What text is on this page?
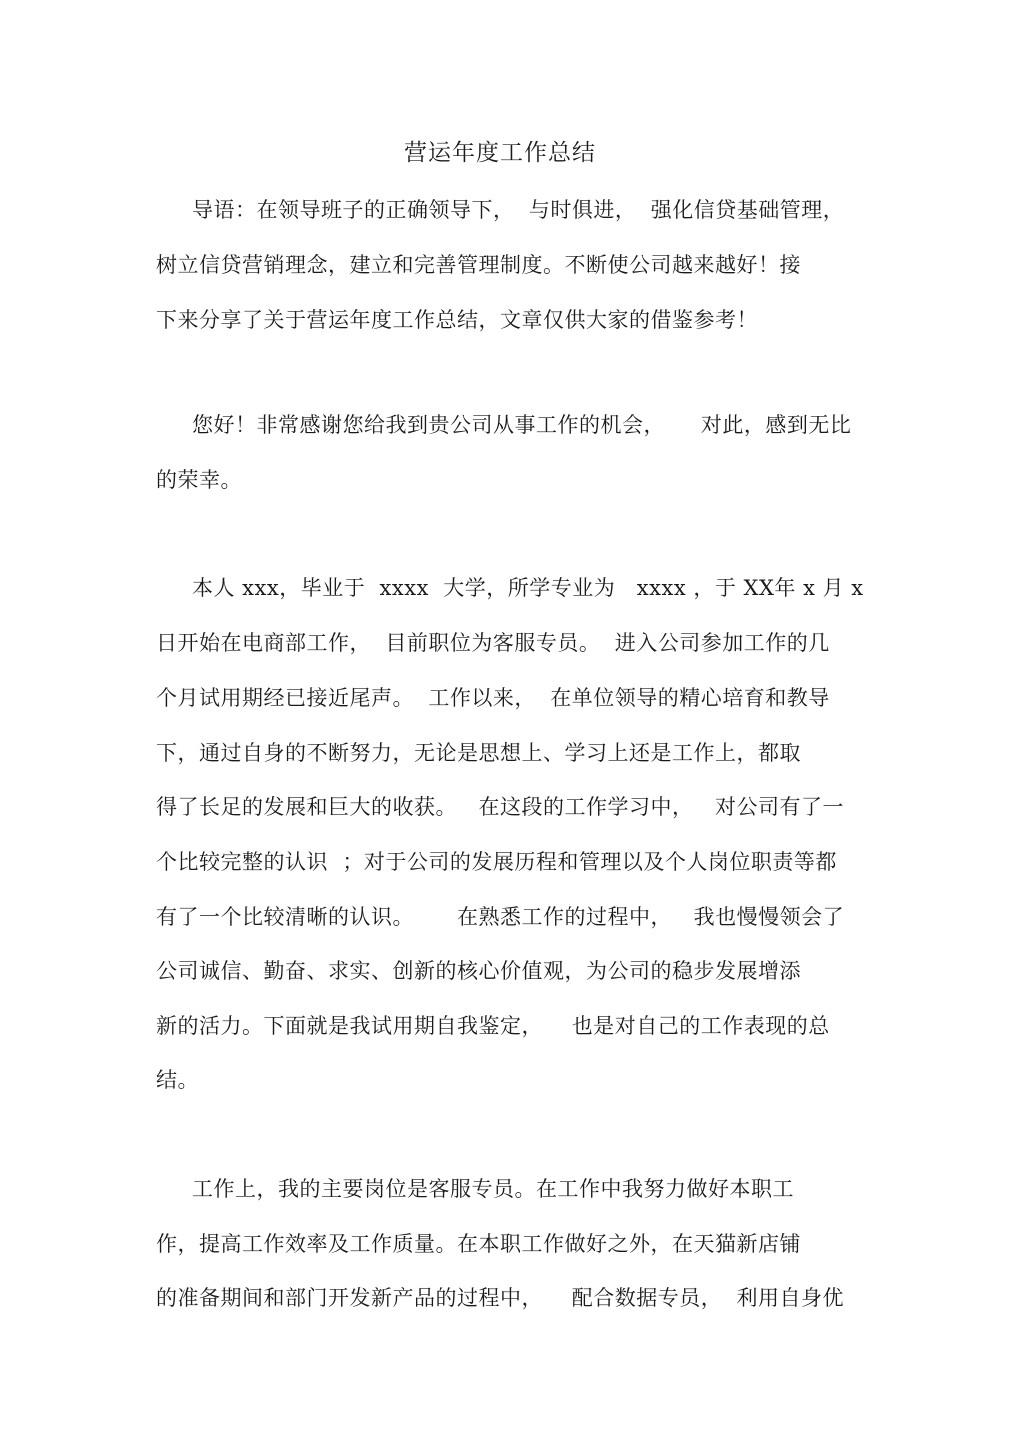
营运年度工作总结
导语：在领导班子的正确领导下，  与时俱进，  强化信贷基础管理，
树立信贷营销理念，建立和完善管理制度。不断使公司越来越好！接
下来分享了关于营运年度工作总结，文章仅供大家的借鉴参考！
您好！非常感谢您给我到贵公司从事工作的机会，     对此，感到无比
的荣幸。
本人 xxx，毕业于  xxxx  大学，所学专业为   xxxx ，于 XX年 x 月 x
日开始在电商部工作，  目前职位为客服专员。  进入公司参加工作的几
个月试用期经已接近尾声。  工作以来，  在单位领导的精心培育和教导
下，通过自身的不断努力，无论是思想上、学习上还是工作上，都取
得了长足的发展和巨大的收获。   在这段的工作学习中，   对公司有了一
个比较完整的认识  ；对于公司的发展历程和管理以及个人岗位职责等都
有了一个比较清晰的认识。      在熟悉工作的过程中，   我也慢慢领会了
公司诚信、勤奋、求实、创新的核心价值观，为公司的稳步发展增添
新的活力。下面就是我试用期自我鉴定，    也是对自己的工作表现的总
结。
工作上，我的主要岗位是客服专员。在工作中我努力做好本职工
作，提高工作效率及工作质量。在本职工作做好之外，在天猫新店铺
的准备期间和部门开发新产品的过程中，    配合数据专员，  利用自身优
